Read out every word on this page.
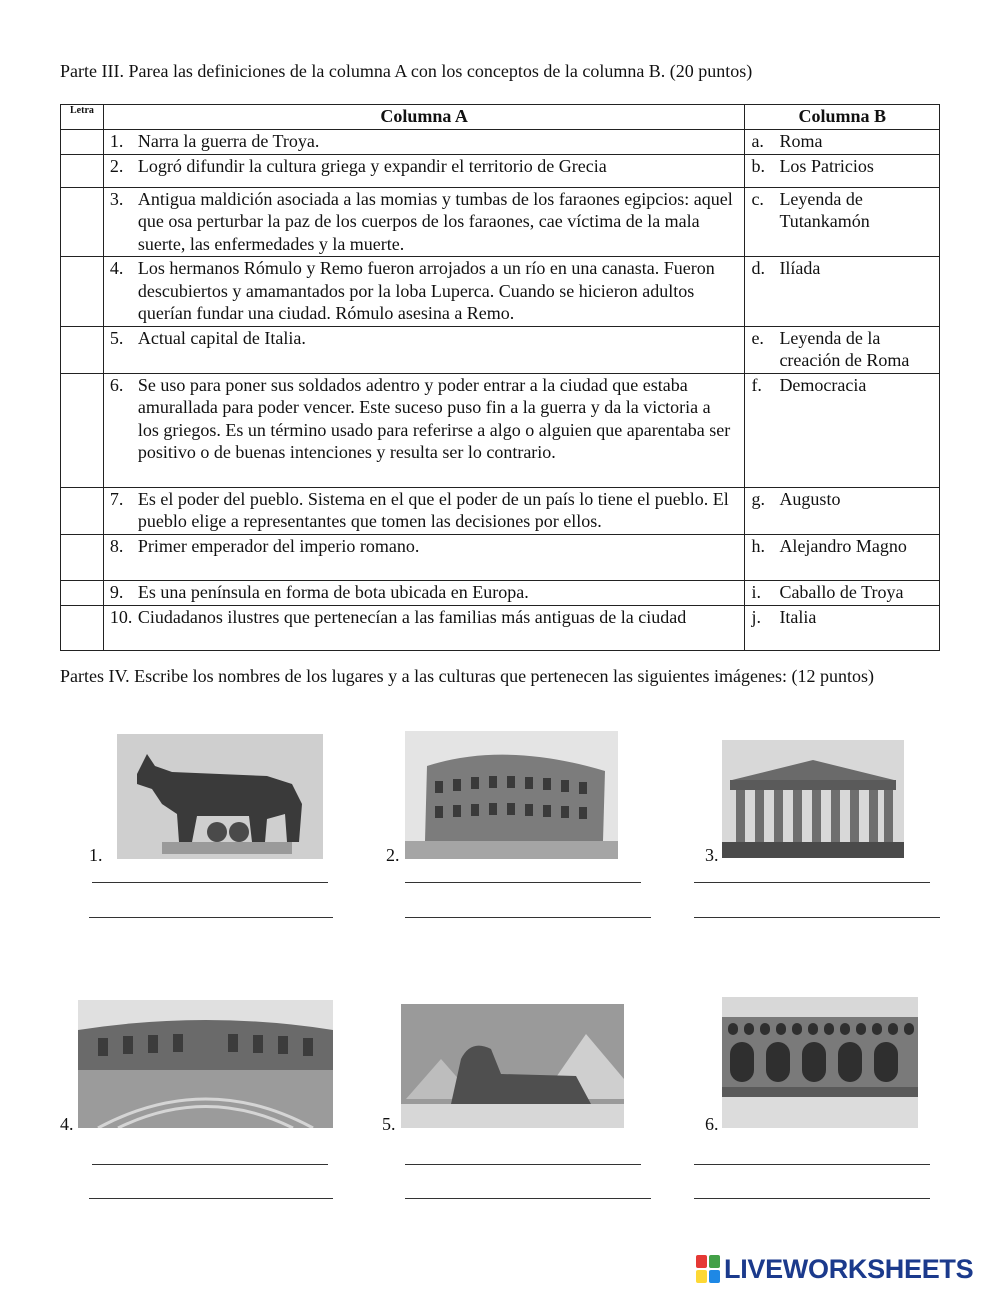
Parte III. Parea las definiciones de la columna A con los conceptos de la columna B. (20 puntos)

Letra	Columna A	Columna B
	1. Narra la guerra de Troya.	a. Roma
	2. Logró difundir la cultura griega y expandir el territorio de Grecia	b. Los Patricios
	3. Antigua maldición asociada a las momias y tumbas de los faraones egipcios: aquel que osa perturbar la paz de los cuerpos de los faraones, cae víctima de la mala suerte, las enfermedades y la muerte.	c. Leyenda de Tutankamón
	4. Los hermanos Rómulo y Remo fueron arrojados a un río en una canasta. Fueron descubiertos y amamantados por la loba Luperca. Cuando se hicieron adultos querían fundar una ciudad. Rómulo asesina a Remo.	d. Ilíada
	5. Actual capital de Italia.	e. Leyenda de la creación de Roma
	6. Se uso para poner sus soldados adentro y poder entrar a la ciudad que estaba amurallada para poder vencer. Este suceso puso fin a la guerra y da la victoria a los griegos. Es un término usado para referirse a algo o alguien que aparentaba ser positivo o de buenas intenciones y resulta ser lo contrario.	f. Democracia
	7. Es el poder del pueblo. Sistema en el que el poder de un país lo tiene el pueblo. El pueblo elige a representantes que tomen las decisiones por ellos.	g. Augusto
	8. Primer emperador del imperio romano.	h. Alejandro Magno
	9. Es una península en forma de bota ubicada en Europa.	i. Caballo de Troya
	10. Ciudadanos ilustres que pertenecían a las familias más antiguas de la ciudad	j. Italia

Partes IV. Escribe los nombres de los lugares y a las culturas que pertenecen las siguientes imágenes: (12 puntos)

1.	2.	3.
4.	5.	6.
LIVEWORKSHEETS
